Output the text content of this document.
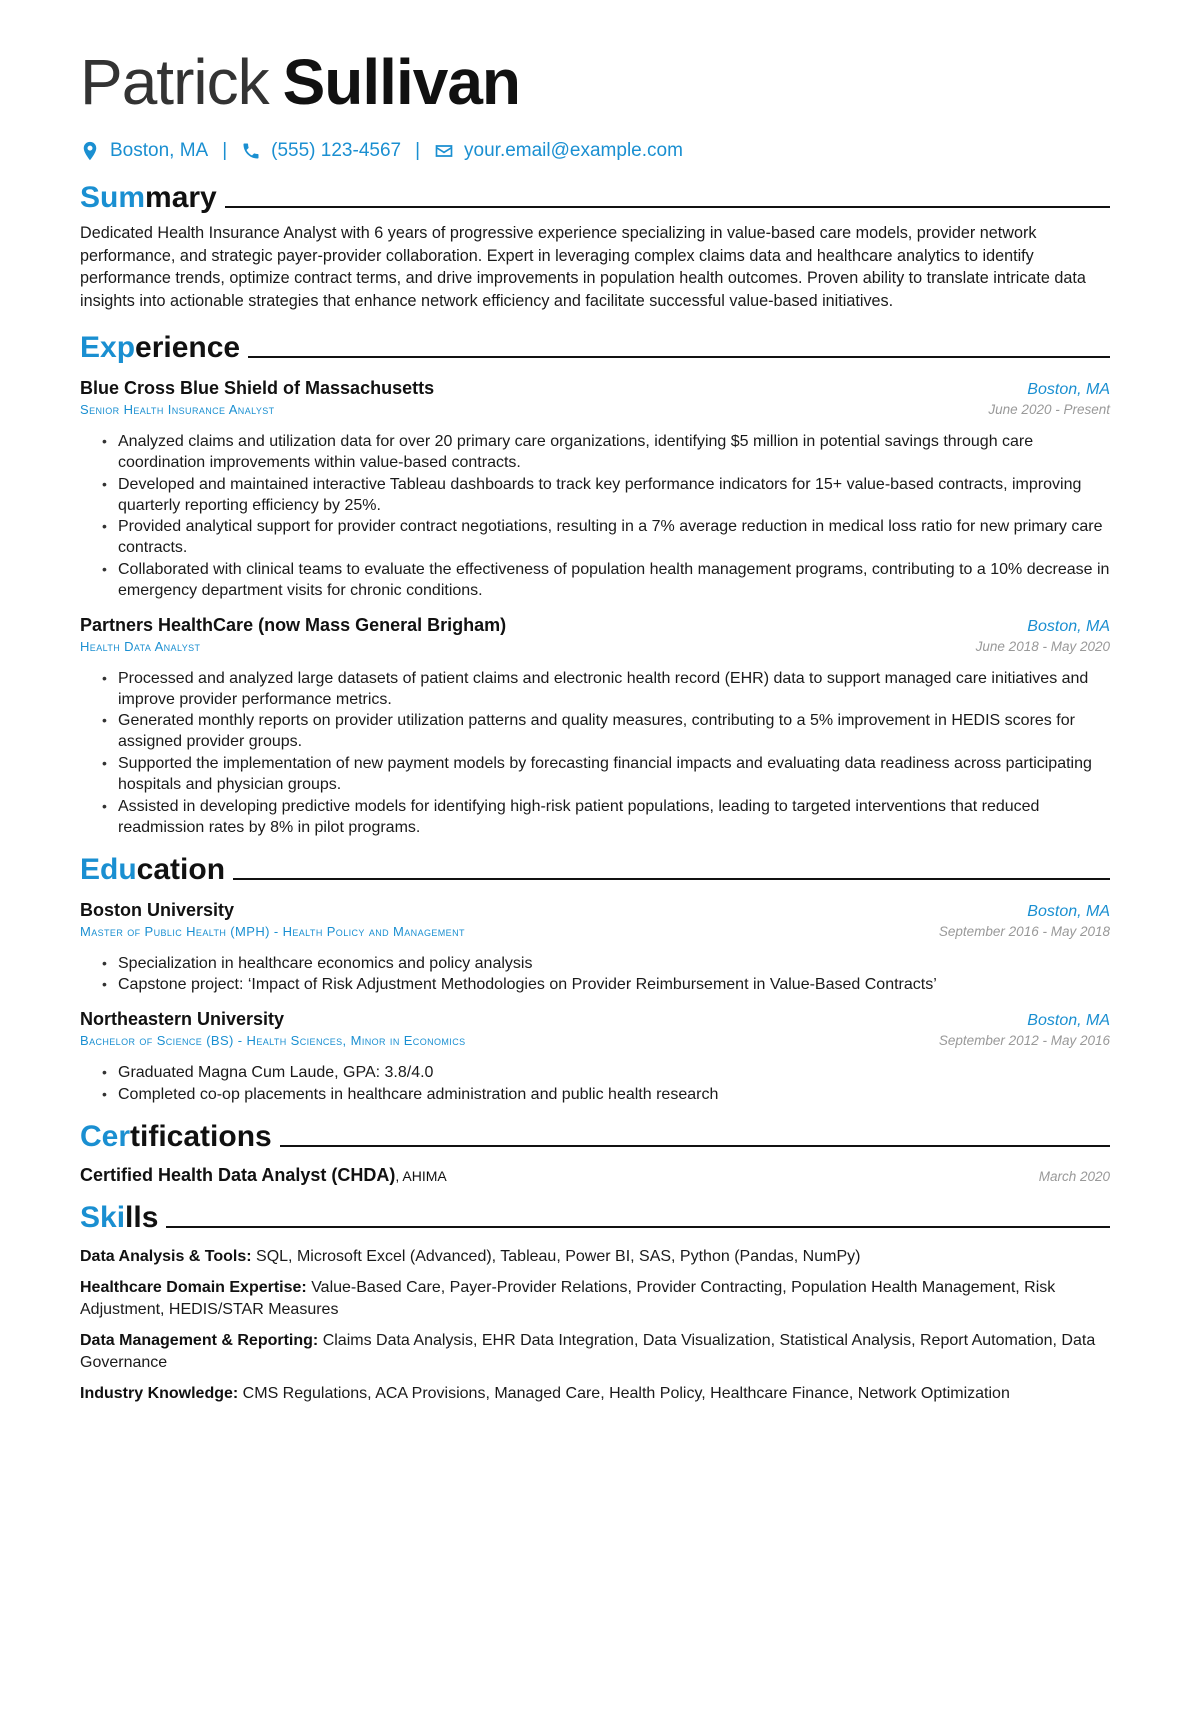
Patrick Sullivan
Boston, MA | (555) 123-4567 | your.email@example.com
Summary
Dedicated Health Insurance Analyst with 6 years of progressive experience specializing in value-based care models, provider network performance, and strategic payer-provider collaboration. Expert in leveraging complex claims data and healthcare analytics to identify performance trends, optimize contract terms, and drive improvements in population health outcomes. Proven ability to translate intricate data insights into actionable strategies that enhance network efficiency and facilitate successful value-based initiatives.
Experience
Blue Cross Blue Shield of Massachusetts	Boston, MA
Senior Health Insurance Analyst	June 2020 - Present
• Analyzed claims and utilization data for over 20 primary care organizations, identifying $5 million in potential savings through care coordination improvements within value-based contracts.
• Developed and maintained interactive Tableau dashboards to track key performance indicators for 15+ value-based contracts, improving quarterly reporting efficiency by 25%.
• Provided analytical support for provider contract negotiations, resulting in a 7% average reduction in medical loss ratio for new primary care contracts.
• Collaborated with clinical teams to evaluate the effectiveness of population health management programs, contributing to a 10% decrease in emergency department visits for chronic conditions.
Partners HealthCare (now Mass General Brigham)	Boston, MA
Health Data Analyst	June 2018 - May 2020
• Processed and analyzed large datasets of patient claims and electronic health record (EHR) data to support managed care initiatives and improve provider performance metrics.
• Generated monthly reports on provider utilization patterns and quality measures, contributing to a 5% improvement in HEDIS scores for assigned provider groups.
• Supported the implementation of new payment models by forecasting financial impacts and evaluating data readiness across participating hospitals and physician groups.
• Assisted in developing predictive models for identifying high-risk patient populations, leading to targeted interventions that reduced readmission rates by 8% in pilot programs.
Education
Boston University	Boston, MA
Master of Public Health (MPH) - Health Policy and Management	September 2016 - May 2018
• Specialization in healthcare economics and policy analysis
• Capstone project: ‘Impact of Risk Adjustment Methodologies on Provider Reimbursement in Value-Based Contracts’
Northeastern University	Boston, MA
Bachelor of Science (BS) - Health Sciences, Minor in Economics	September 2012 - May 2016
• Graduated Magna Cum Laude, GPA: 3.8/4.0
• Completed co-op placements in healthcare administration and public health research
Certifications
Certified Health Data Analyst (CHDA), AHIMA	March 2020
Skills
Data Analysis & Tools: SQL, Microsoft Excel (Advanced), Tableau, Power BI, SAS, Python (Pandas, NumPy)
Healthcare Domain Expertise: Value-Based Care, Payer-Provider Relations, Provider Contracting, Population Health Management, Risk Adjustment, HEDIS/STAR Measures
Data Management & Reporting: Claims Data Analysis, EHR Data Integration, Data Visualization, Statistical Analysis, Report Automation, Data Governance
Industry Knowledge: CMS Regulations, ACA Provisions, Managed Care, Health Policy, Healthcare Finance, Network Optimization
